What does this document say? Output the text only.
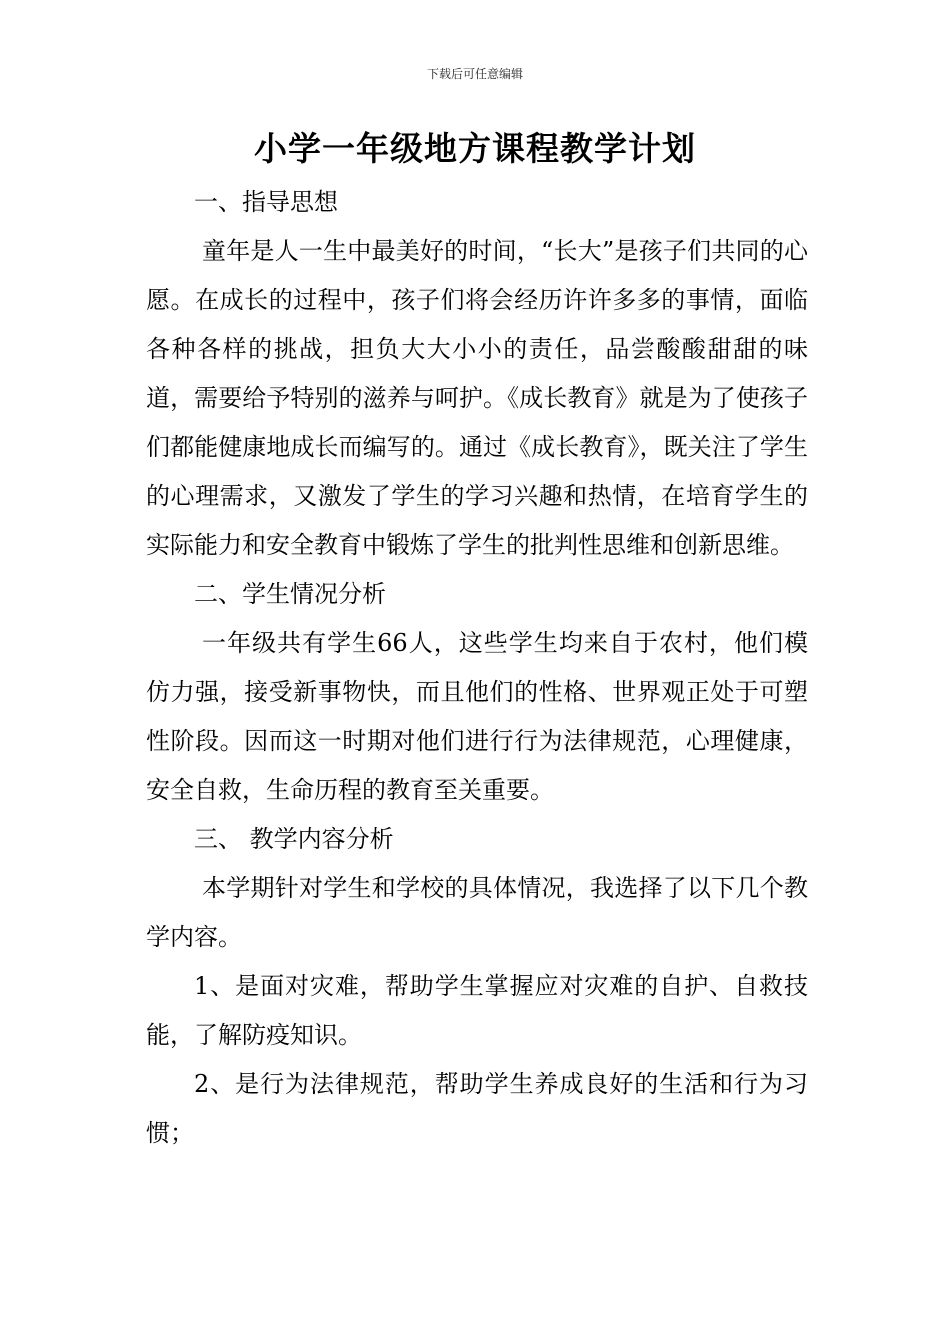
下载后可任意编辑
小学一年级地方课程教学计划

一、指导思想

童年是人一生中最美好的时间，“长大”是孩子们共同的心愿。在成长的过程中，孩子们将会经历许许多多的事情，面临各种各样的挑战，担负大大小小的责任，品尝酸酸甜甜的味道，需要给予特别的滋养与呵护。《成长教育》就是为了使孩子们都能健康地成长而编写的。通过《成长教育》，既关注了学生的心理需求，又激发了学生的学习兴趣和热情，在培育学生的实际能力和安全教育中锻炼了学生的批判性思维和创新思维。

二、学生情况分析

一年级共有学生66人，这些学生均来自于农村，他们模仿力强，接受新事物快，而且他们的性格、世界观正处于可塑性阶段。因而这一时期对他们进行行为法律规范，心理健康，安全自救，生命历程的教育至关重要。

三、 教学内容分析

本学期针对学生和学校的具体情况，我选择了以下几个教学内容。

1、是面对灾难，帮助学生掌握应对灾难的自护、自救技能，了解防疫知识。

2、是行为法律规范，帮助学生养成良好的生活和行为习惯；
